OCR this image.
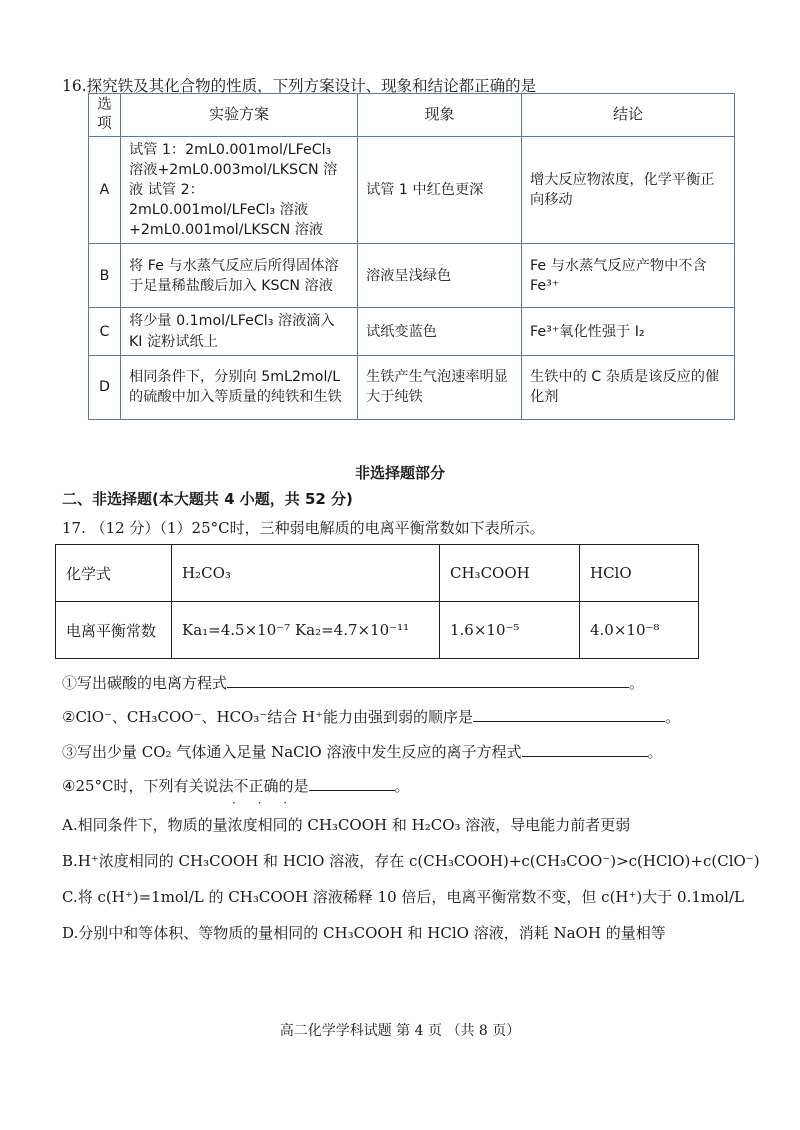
16.探究铁及其化合物的性质，下列方案设计、现象和结论都正确的是
选
项	实验方案	现象	结论
A	试管 1：2mL0.001mol/LFeCl₃ 溶液+2mL0.003mol/LKSCN 溶液 试管 2：2mL0.001mol/LFeCl₃ 溶液+2mL0.001mol/LKSCN 溶液	试管 1 中红色更深	增大反应物浓度，化学平衡正向移动
B	将 Fe 与水蒸气反应后所得固体溶于足量稀盐酸后加入 KSCN 溶液	溶液呈浅绿色	Fe 与水蒸气反应产物中不含 Fe³⁺
C	将少量 0.1mol/LFeCl₃ 溶液滴入 KI 淀粉试纸上	试纸变蓝色	Fe³⁺氧化性强于 I₂
D	相同条件下，分别向 5mL2mol/L 的硫酸中加入等质量的纯铁和生铁	生铁产生气泡速率明显大于纯铁	生铁中的 C 杂质是该反应的催化剂
非选择题部分
二、非选择题(本大题共 4 小题，共 52 分)
17. （12 分）（1）25°C时，三种弱电解质的电离平衡常数如下表所示。
化学式	H₂CO₃	CH₃COOH	HClO
电离平衡常数	Ka₁=4.5×10⁻⁷ Ka₂=4.7×10⁻¹¹	1.6×10⁻⁵	4.0×10⁻⁸
①写出碳酸的电离方程式	。
②ClO⁻、CH₃COO⁻、HCO₃⁻结合 H⁺能力由强到弱的顺序是	。
③写出少量 CO₂ 气体通入足量 NaClO 溶液中发生反应的离子方程式	。
④25°C时，下列有关说法不正确的是	。
· · ·
A.相同条件下，物质的量浓度相同的 CH₃COOH 和 H₂CO₃ 溶液，导电能力前者更弱
B.H⁺浓度相同的 CH₃COOH 和 HClO 溶液，存在 c(CH₃COOH)+c(CH₃COO⁻)>c(HClO)+c(ClO⁻)
C.将 c(H⁺)=1mol/L 的 CH₃COOH 溶液稀释 10 倍后，电离平衡常数不变，但 c(H⁺)大于 0.1mol/L
D.分别中和等体积、等物质的量相同的 CH₃COOH 和 HClO 溶液，消耗 NaOH 的量相等
高二化学学科试题 第 4 页 （共 8 页）
